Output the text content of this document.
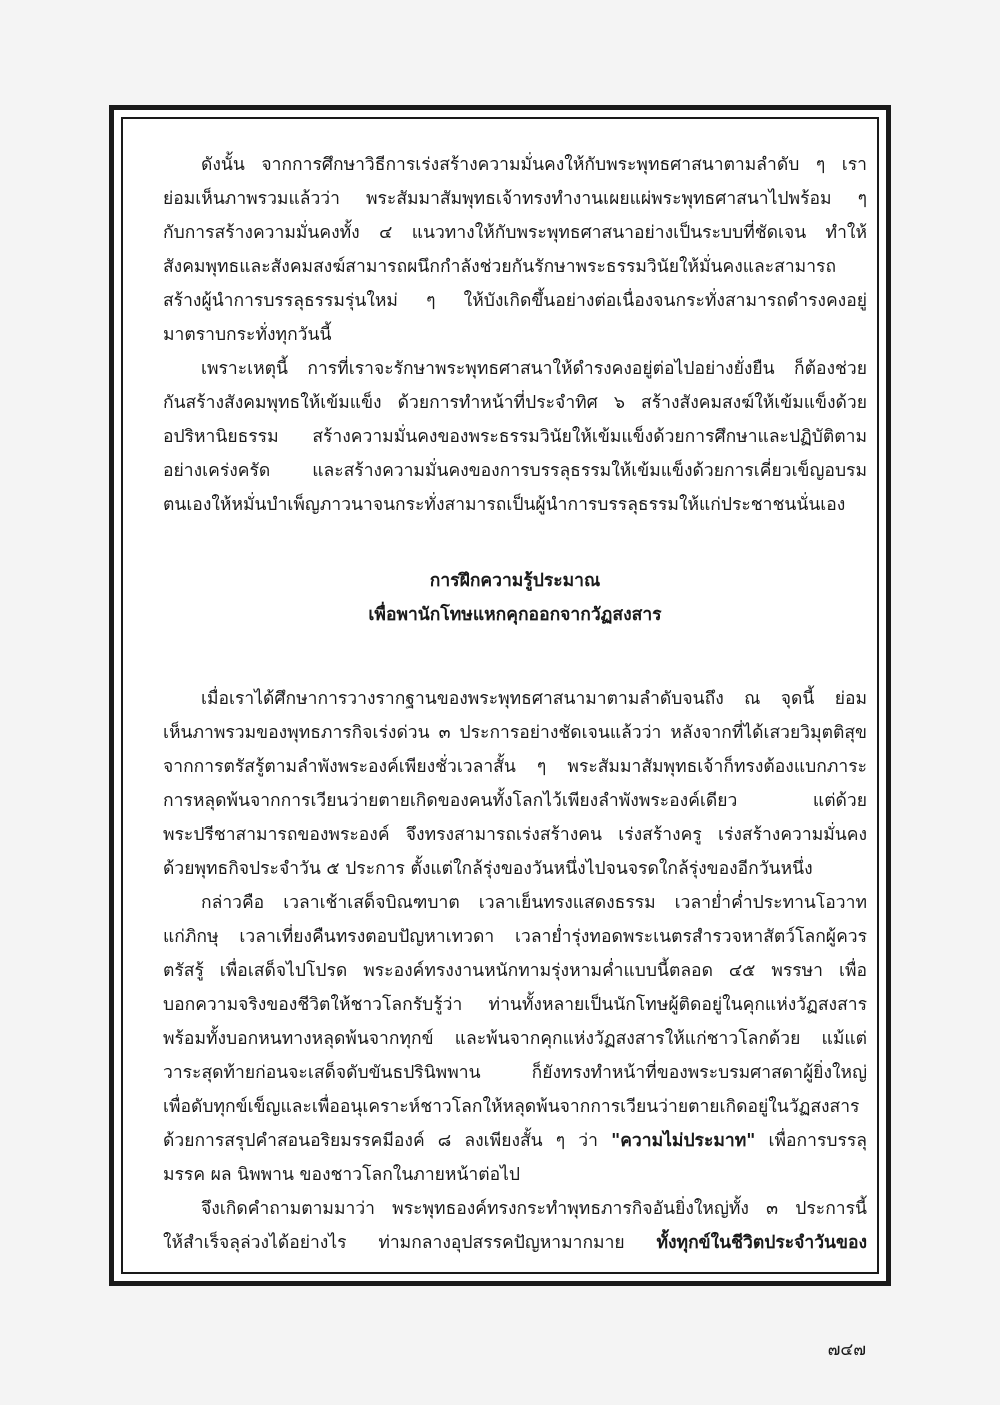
ดังนั้น จากการศึกษาวิธีการเร่งสร้างความมั่นคงให้กับพระพุทธศาสนาตามลำดับ ๆ เรา
ย่อมเห็นภาพรวมแล้วว่า พระสัมมาสัมพุทธเจ้าทรงทำงานเผยแผ่พระพุทธศาสนาไปพร้อม ๆ
กับการสร้างความมั่นคงทั้ง ๔ แนวทางให้กับพระพุทธศาสนาอย่างเป็นระบบที่ชัดเจน ทำให้
สังคมพุทธและสังคมสงฆ์สามารถผนึกกำลังช่วยกันรักษาพระธรรมวินัยให้มั่นคงและสามารถ
สร้างผู้นำการบรรลุธรรมรุ่นใหม่ ๆ ให้บังเกิดขึ้นอย่างต่อเนื่องจนกระทั่งสามารถดำรงคงอยู่
มาตราบกระทั่งทุกวันนี้
เพราะเหตุนี้ การที่เราจะรักษาพระพุทธศาสนาให้ดำรงคงอยู่ต่อไปอย่างยั่งยืน ก็ต้องช่วย
กันสร้างสังคมพุทธให้เข้มแข็ง ด้วยการทำหน้าที่ประจำทิศ ๖ สร้างสังคมสงฆ์ให้เข้มแข็งด้วย
อปริหานิยธรรม สร้างความมั่นคงของพระธรรมวินัยให้เข้มแข็งด้วยการศึกษาและปฏิบัติตาม
อย่างเคร่งครัด และสร้างความมั่นคงของการบรรลุธรรมให้เข้มแข็งด้วยการเคี่ยวเข็ญอบรม
ตนเองให้หมั่นบำเพ็ญภาวนาจนกระทั่งสามารถเป็นผู้นำการบรรลุธรรมให้แก่ประชาชนนั่นเอง

การฝึกความรู้ประมาณ

เพื่อพานักโทษแหกคุกออกจากวัฏสงสาร

เมื่อเราได้ศึกษาการวางรากฐานของพระพุทธศาสนามาตามลำดับจนถึง ณ จุดนี้ ย่อม
เห็นภาพรวมของพุทธภารกิจเร่งด่วน ๓ ประการอย่างชัดเจนแล้วว่า หลังจากที่ได้เสวยวิมุตติสุข
จากการตรัสรู้ตามลำพังพระองค์เพียงชั่วเวลาสั้น ๆ พระสัมมาสัมพุทธเจ้าก็ทรงต้องแบกภาระ
การหลุดพ้นจากการเวียนว่ายตายเกิดของคนทั้งโลกไว้เพียงลำพังพระองค์เดียว แต่ด้วย
พระปรีชาสามารถของพระองค์ จึงทรงสามารถเร่งสร้างคน เร่งสร้างครู เร่งสร้างความมั่นคง
ด้วยพุทธกิจประจำวัน ๕ ประการ ตั้งแต่ใกล้รุ่งของวันหนึ่งไปจนจรดใกล้รุ่งของอีกวันหนึ่ง
กล่าวคือ เวลาเช้าเสด็จบิณฑบาต เวลาเย็นทรงแสดงธรรม เวลาย่ำค่ำประทานโอวาท
แก่ภิกษุ เวลาเที่ยงคืนทรงตอบปัญหาเทวดา เวลาย่ำรุ่งทอดพระเนตรสำรวจหาสัตว์โลกผู้ควร
ตรัสรู้ เพื่อเสด็จไปโปรด พระองค์ทรงงานหนักทามรุ่งหามค่ำแบบนี้ตลอด ๔๕ พรรษา เพื่อ
บอกความจริงของชีวิตให้ชาวโลกรับรู้ว่า ท่านทั้งหลายเป็นนักโทษผู้ติดอยู่ในคุกแห่งวัฏสงสาร
พร้อมทั้งบอกหนทางหลุดพ้นจากทุกข์ และพ้นจากคุกแห่งวัฏสงสารให้แก่ชาวโลกด้วย แม้แต่
วาระสุดท้ายก่อนจะเสด็จดับขันธปรินิพพาน ก็ยังทรงทำหน้าที่ของพระบรมศาสดาผู้ยิ่งใหญ่
เพื่อดับทุกข์เข็ญและเพื่ออนุเคราะห์ชาวโลกให้หลุดพ้นจากการเวียนว่ายตายเกิดอยู่ในวัฏสงสาร
ด้วยการสรุปคำสอนอริยมรรคมีองค์ ๘ ลงเพียงสั้น ๆ ว่า "ความไม่ประมาท" เพื่อการบรรลุ
มรรค ผล นิพพาน ของชาวโลกในภายหน้าต่อไป
จึงเกิดคำถามตามมาว่า พระพุทธองค์ทรงกระทำพุทธภารกิจอันยิ่งใหญ่ทั้ง ๓ ประการนี้
ให้สำเร็จลุล่วงได้อย่างไร ท่ามกลางอุปสรรคปัญหามากมาย ทั้งทุกข์ในชีวิตประจำวันของ
๗๔๗
